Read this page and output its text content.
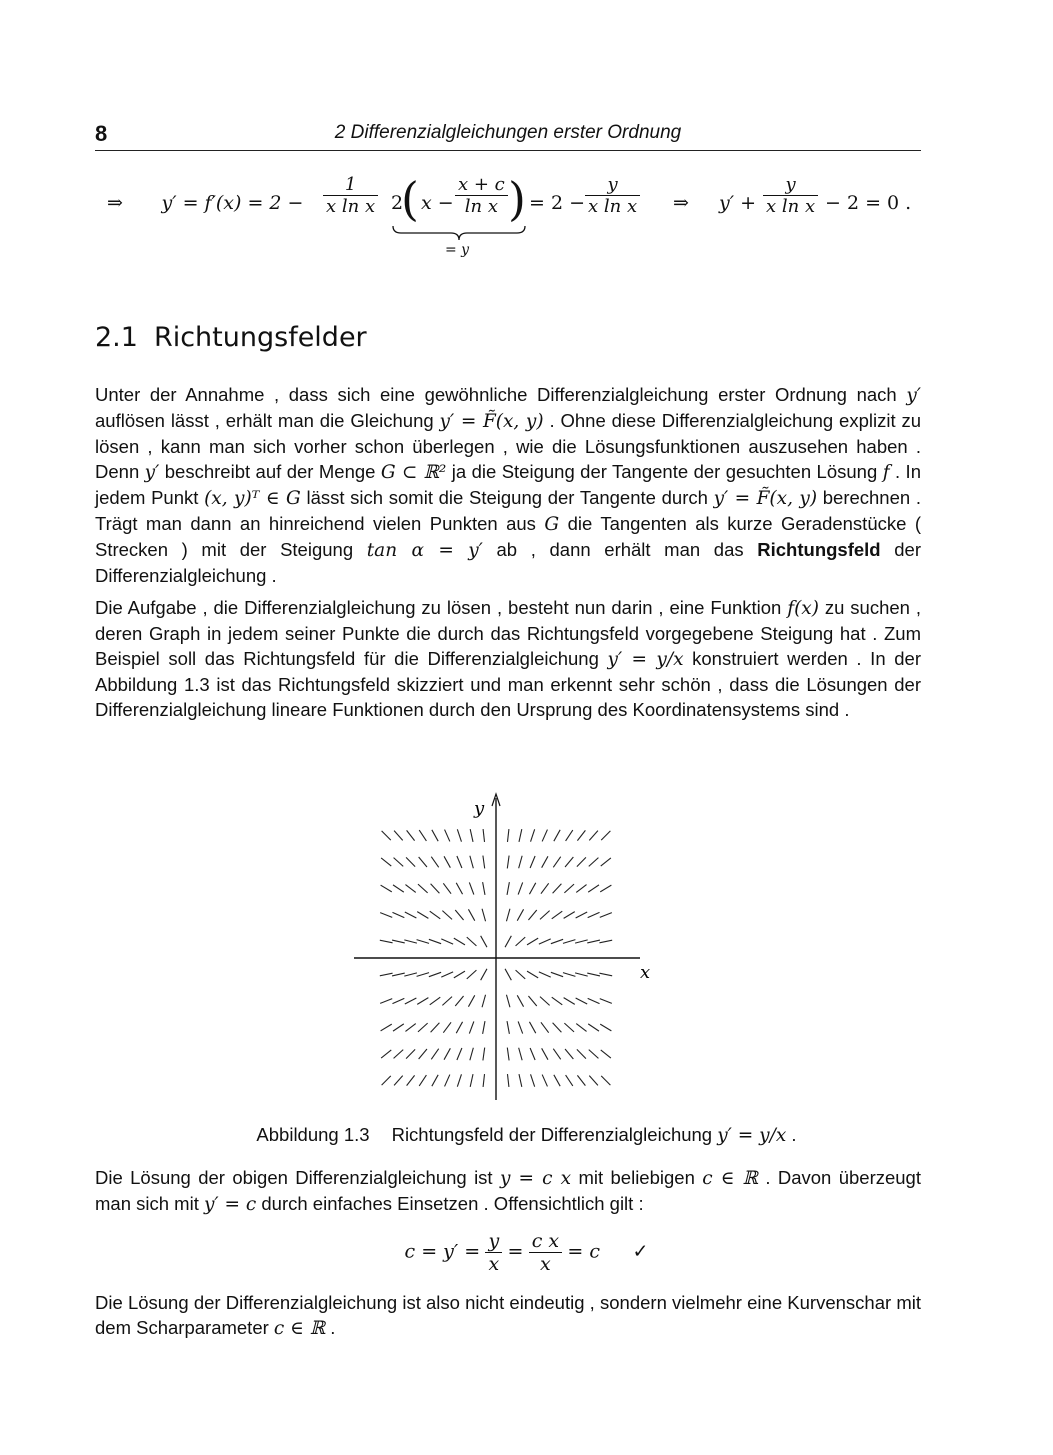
8	2 Differenzialgleichungen erster Ordnung
⇒ $y' = f'(x) = 2 - \frac{1}{\text{x ln x}} 2$
( $x - \frac{x + c}{\text{ln x}}$ )
= y
= $2 - \frac{y}{\text{x ln x}}$ ⇒ $y' + \frac{y}{\text{x ln x}} - 2 = 0$ .
2.1 Richtungsfelder

Unter der Annahme , dass sich eine gewöhnliche Differenzialgleichung erster Ordnung nach y′ auflösen lässt , erhält man die Gleichung y′ = F̃(x, y) . Ohne diese Differenzialgleichung explizit zu lösen , kann man sich vorher schon überlegen , wie die Lösungsfunktionen auszusehen haben . Denn y′ beschreibt auf der Menge G ⊂ ℝ² ja die Steigung der Tangente der gesuchten Lösung f . In jedem Punkt (x, y)ᵀ ∈ G lässt sich somit die Steigung der Tangente durch y′ = F̃(x, y) berechnen . Trägt man dann an hinreichend vielen Punkten aus G die Tangenten als kurze Geradenstücke ( Strecken ) mit der Steigung tan α = y′ ab , dann erhält man das Richtungsfeld der Differenzialgleichung .

Die Aufgabe , die Differenzialgleichung zu lösen , besteht nun darin , eine Funktion f(x) zu suchen , deren Graph in jedem seiner Punkte die durch das Richtungsfeld vorgegebene Steigung hat . Zum Beispiel soll das Richtungsfeld für die Differenzialgleichung y′ = y/x konstruiert werden . In der Abbildung 1.3 ist das Richtungsfeld skizziert und man erkennt sehr schön , dass die Lösungen der Differenzialgleichung lineare Funktionen durch den Ursprung des Koordinatensystems sind .

y
x
Abbildung 1.3 Richtungsfeld der Differenzialgleichung y′ = y/x .

Die Lösung der obigen Differenzialgleichung ist y = c x mit beliebigen c ∈ ℝ . Davon überzeugt man sich mit y′ = c durch einfaches Einsetzen . Offensichtlich gilt :

$c = y' = \frac{y}{x} = \frac{\text{c x}}{x} = c$ ✓

Die Lösung der Differenzialgleichung ist also nicht eindeutig , sondern vielmehr eine Kurvenschar mit dem Scharparameter c ∈ ℝ .
